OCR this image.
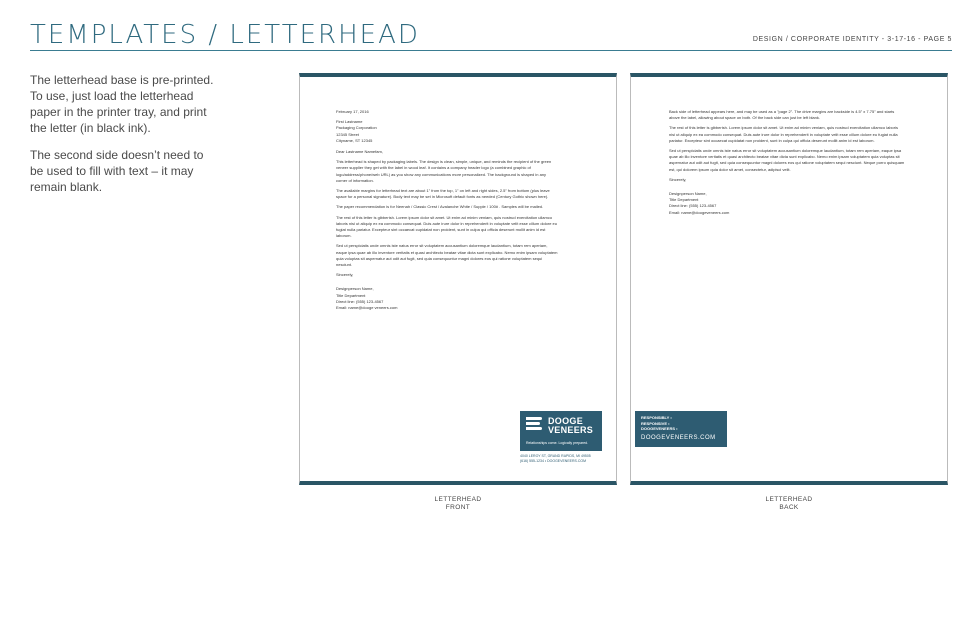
TEMPLATES / LETTERHEAD	DESIGN / CORPORATE IDENTITY - 3-17-16 - PAGE 5

The letterhead base is pre-printed. To use, just load the letterhead paper in the printer tray, and print the letter (in black ink).

The second side doesn’t need to be used to fill with text – it may remain blank.

February 17, 2016

First Lastname
Packaging Corporation
12345 Street
Cityname, ST 12345

Dear Lastname Namefam,

This letterhead is shaped by packaging labels. The design is clean, simple, unique, and reminds the recipient of the green veneer supplier they get with the label in wood leaf. It contains a company header logo (a combined graphic of logo/address/phone/web URL) as you show any communications more personalized. The background is shaped in any corner of information.

The available margins for letterhead text are about 1" from the top, 1" on left and right sides, 2.5" from bottom (plus leave space for a personal signature). Body text may be set in Microsoft default fonts as needed (Century Gothic shown here).

The paper recommendation is for Neenah / Classic Crest / Avalanche White / Supple / 100# . Samples will be mailed.

The rest of this letter is gibberish. Lorem ipsum dolor sit amet. Ut enim ad minim veniam, quis nostrud exercitation ullamco laboris nisi ut aliquip ex ea commodo consequat. Duis aute irure dolor in reprehenderit in voluptate velit esse cillum dolore eu fugiat nulla pariatur. Excepteur sint occaecat cupidatat non proident, sunt in culpa qui officia deserunt mollit anim id est laborum.

Sed ut perspiciatis unde omnis iste natus error sit voluptatem accusantium doloremque laudantium, totam rem aperiam, eaque ipsa quae ab illo inventore veritatis et quasi architecto beatae vitae dicta sunt explicabo. Nemo enim ipsam voluptatem quia voluptas sit aspernatur aut odit aut fugit, sed quia consequuntur magni dolores eos qui ratione voluptatem sequi nesciunt.

Sincerely,

Designperson Name,
Title Department
Direct line: (555) 123-4567
Email: name@dooge veneers.com
DOOGE
VENEERS
Relationships come. Logically prepared.
4040 LEROY ST, GRAND RAPIDS, MI 49505
(616) 555-1234 • DOOGEVENEERS.COM

Back side of letterhead appears here, and may be used as a "page 2". The drive margins are backside is 4.5" x 7.75" and starts above the label, allowing about space on both. Of the back side can just be left blank.

The rest of this letter is gibberish. Lorem ipsum dolor sit amet. Ut enim ad minim veniam, quis nostrud exercitation ullamco laboris nisi ut aliquip ex ea commodo consequat. Duis aute irure dolor in reprehenderit in voluptate velit esse cillum dolore eu fugiat nulla pariatur. Excepteur sint occaecat cupidatat non proident, sunt in culpa qui officia deserunt mollit anim id est laborum.

Sed ut perspiciatis unde omnis iste natus error sit voluptatem accusantium doloremque laudantium, totam rem aperiam, eaque ipsa quae ab illo inventore veritatis et quasi architecto beatae vitae dicta sunt explicabo. Nemo enim ipsam voluptatem quia voluptas sit aspernatur aut odit aut fugit, sed quia consequuntur magni dolores eos qui ratione voluptatem sequi nesciunt. Neque porro quisquam est, qui dolorem ipsum quia dolor sit amet, consectetur, adipisci velit.

Sincerely,

Designperson Name,
Title Department
Direct line: (555) 123-4567
Email: name@doogeveneers.com
RESPONSIBLY •
RESPONSIVE •
DOOGEVENEERS •
DOOGEVENEERS.COM
LETTERHEAD
FRONT
LETTERHEAD
BACK
